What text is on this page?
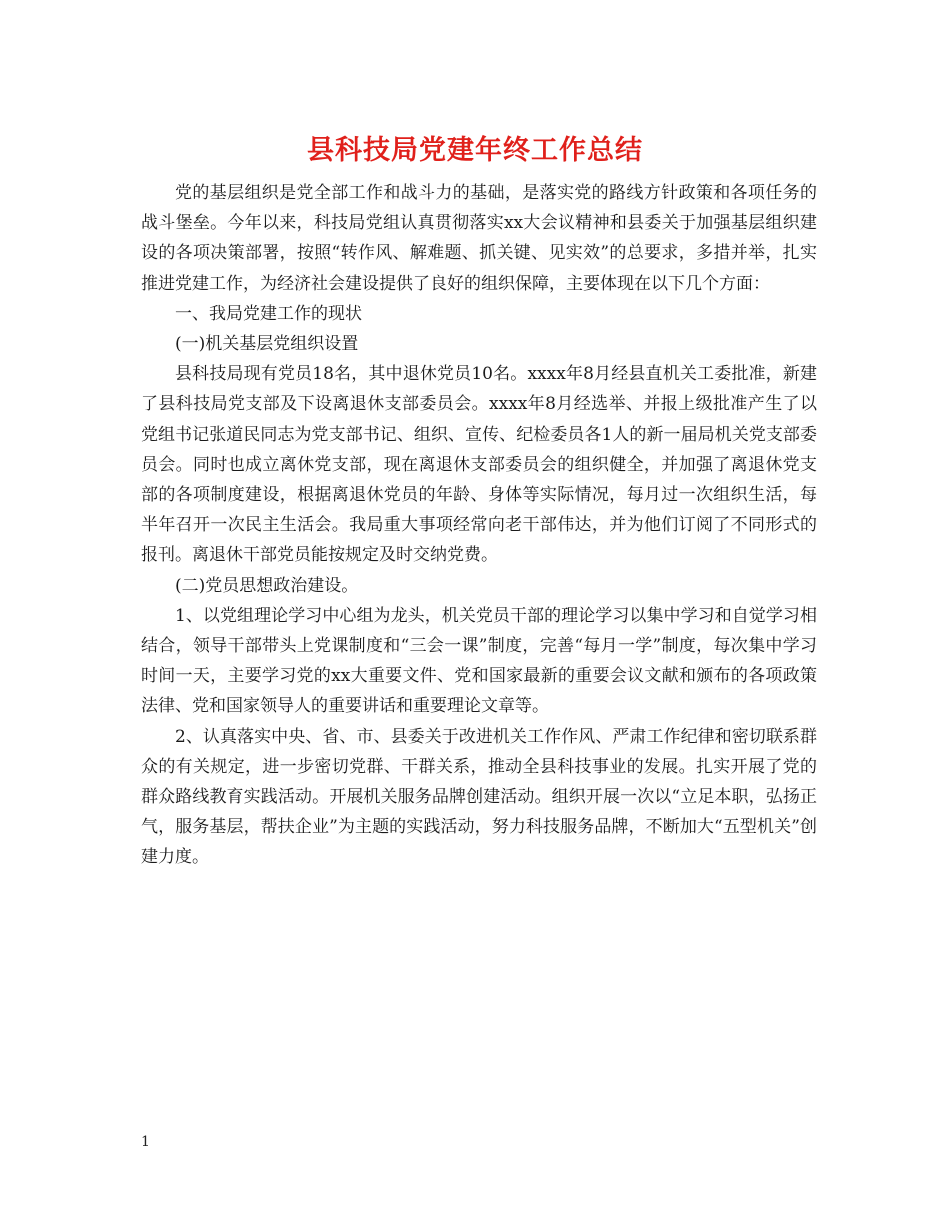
县科技局党建年终工作总结

党的基层组织是党全部工作和战斗力的基础，是落实党的路线方针政策和各项任务的战斗堡垒。今年以来，科技局党组认真贯彻落实xx大会议精神和县委关于加强基层组织建设的各项决策部署，按照“转作风、解难题、抓关键、见实效”的总要求，多措并举，扎实推进党建工作，为经济社会建设提供了良好的组织保障，主要体现在以下几个方面：

一、我局党建工作的现状

(一)机关基层党组织设置

县科技局现有党员18名，其中退休党员10名。xxxx年8月经县直机关工委批准，新建了县科技局党支部及下设离退休支部委员会。xxxx年8月经选举、并报上级批准产生了以党组书记张道民同志为党支部书记、组织、宣传、纪检委员各1人的新一届局机关党支部委员会。同时也成立离休党支部，现在离退休支部委员会的组织健全，并加强了离退休党支部的各项制度建设，根据离退休党员的年龄、身体等实际情况，每月过一次组织生活，每半年召开一次民主生活会。我局重大事项经常向老干部伟达，并为他们订阅了不同形式的报刊。离退休干部党员能按规定及时交纳党费。

(二)党员思想政治建设。

1、以党组理论学习中心组为龙头，机关党员干部的理论学习以集中学习和自觉学习相结合，领导干部带头上党课制度和“三会一课”制度，完善“每月一学”制度，每次集中学习时间一天，主要学习党的xx大重要文件、党和国家最新的重要会议文献和颁布的各项政策法律、党和国家领导人的重要讲话和重要理论文章等。

2、认真落实中央、省、市、县委关于改进机关工作作风、严肃工作纪律和密切联系群众的有关规定，进一步密切党群、干群关系，推动全县科技事业的发展。扎实开展了党的群众路线教育实践活动。开展机关服务品牌创建活动。组织开展一次以“立足本职，弘扬正气，服务基层，帮扶企业”为主题的实践活动，努力科技服务品牌，不断加大“五型机关”创建力度。

1
